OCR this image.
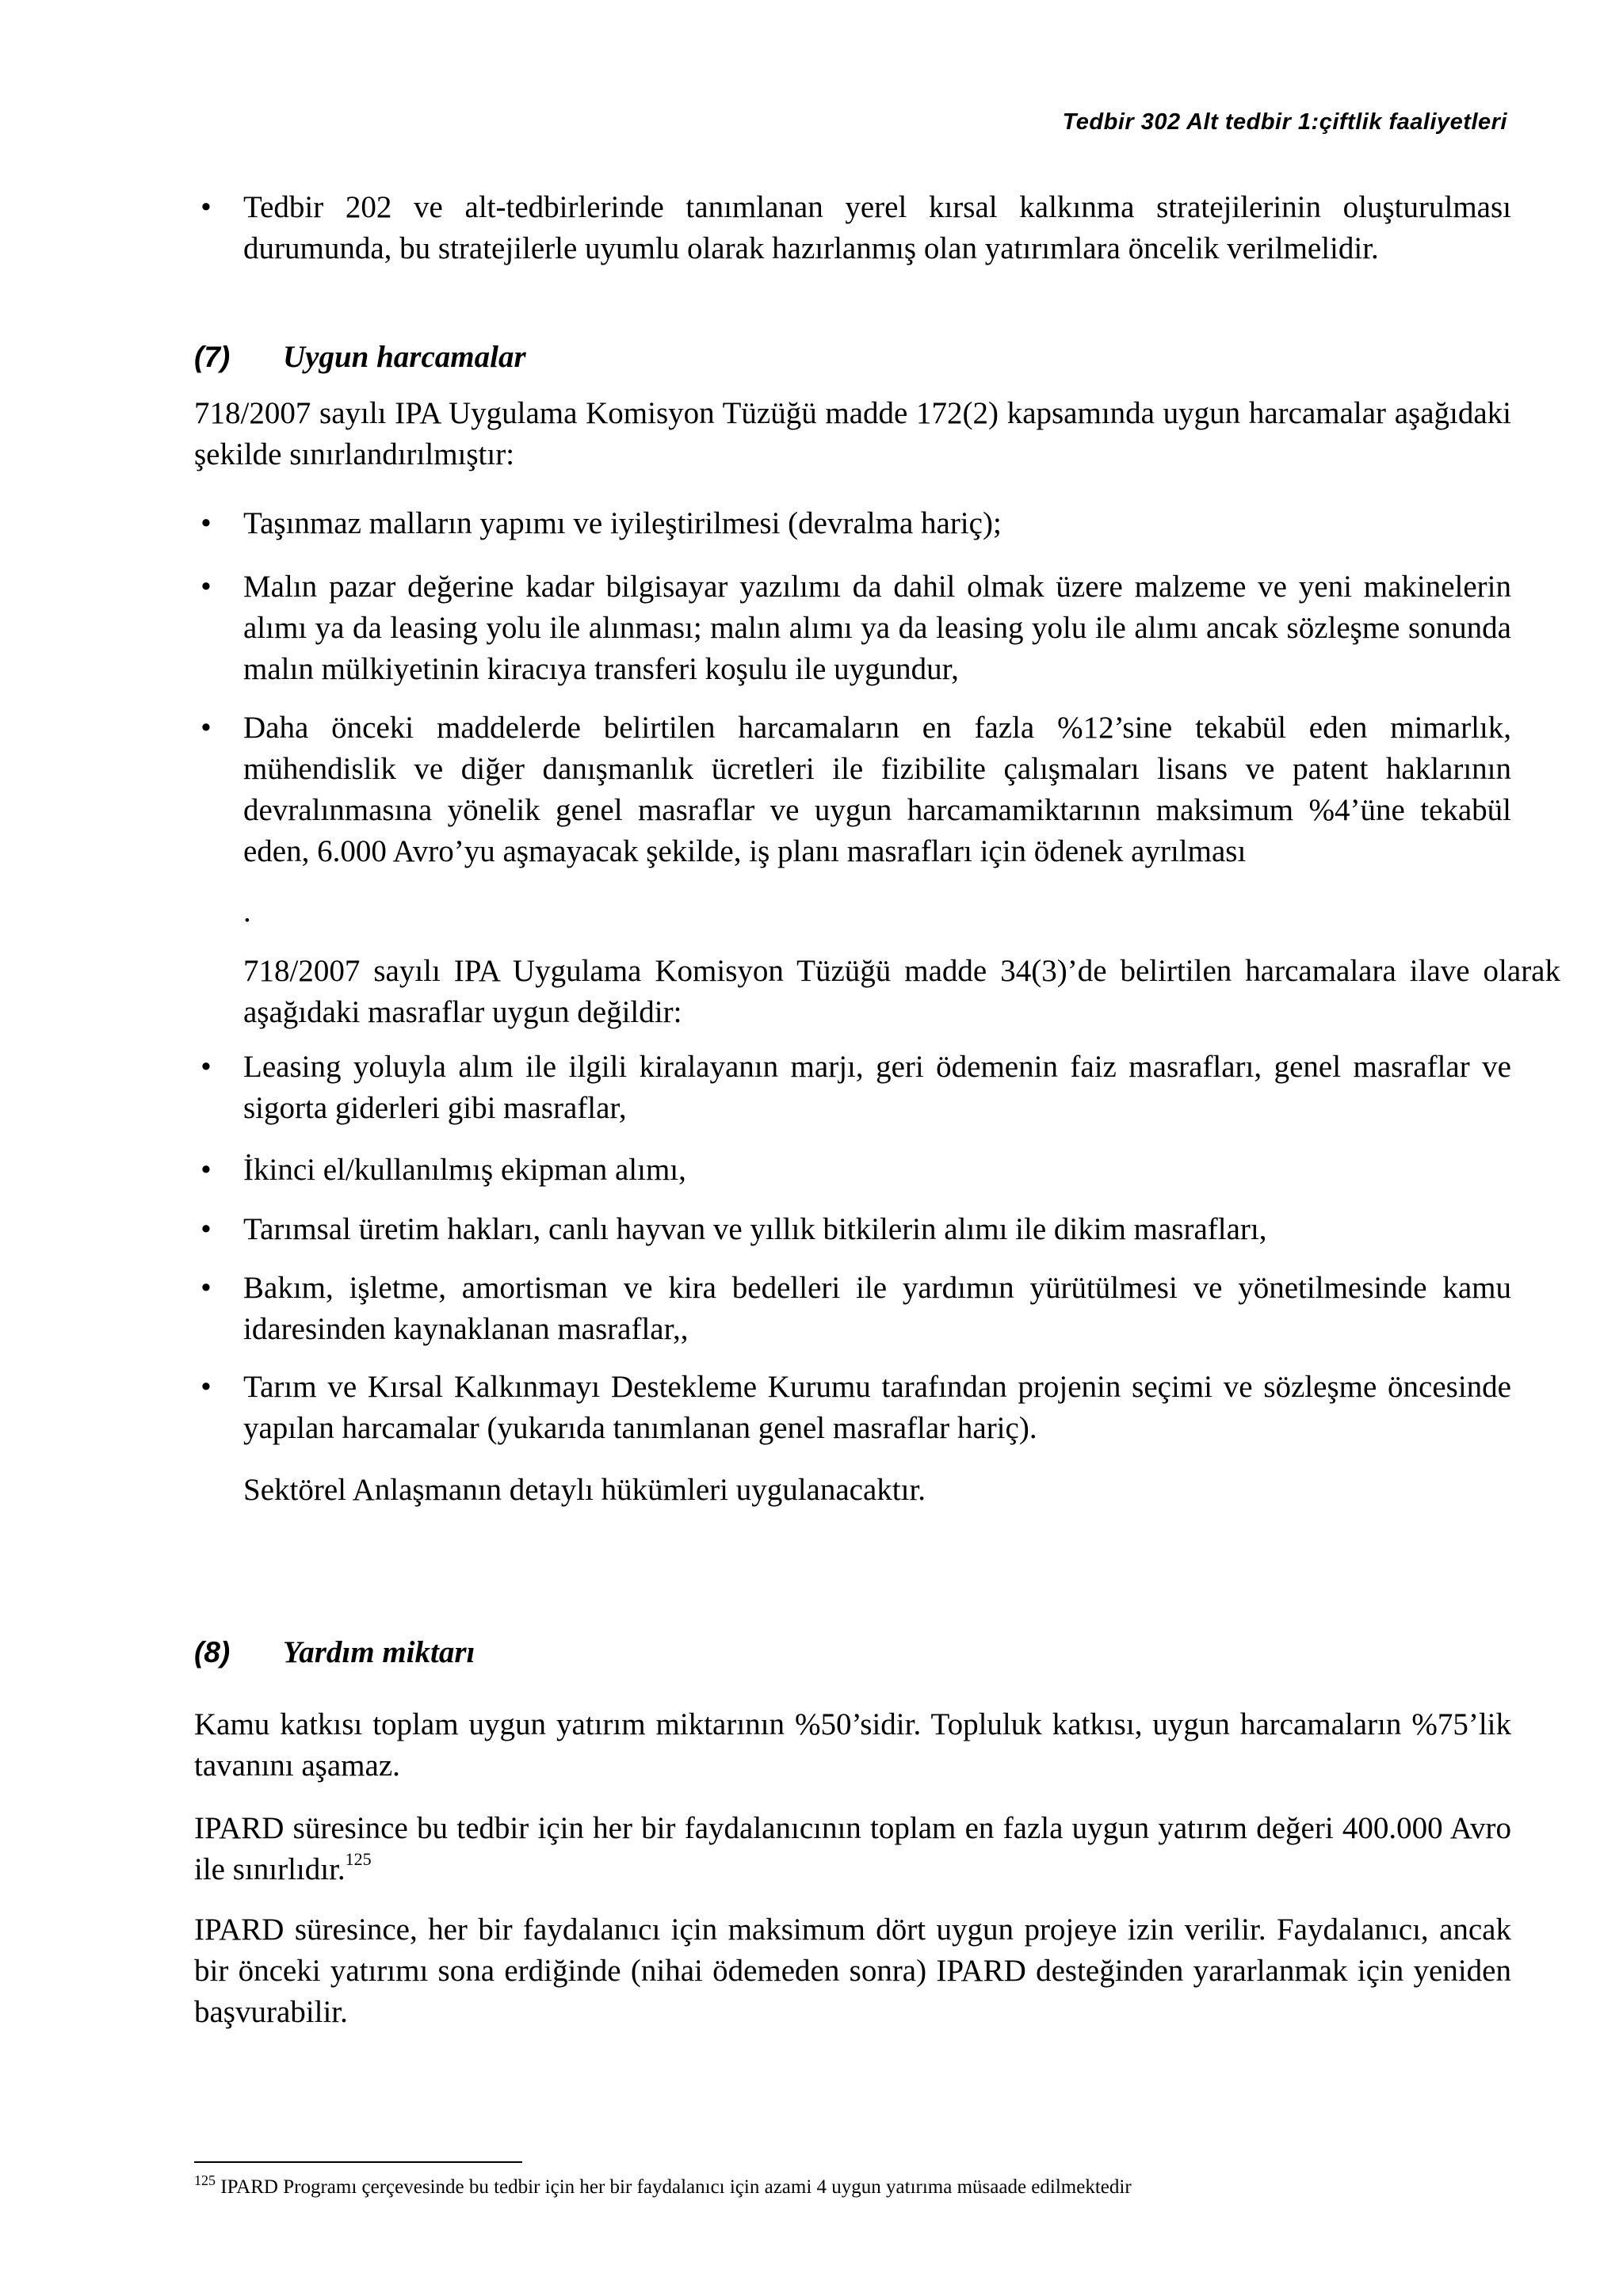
Tedbir 302 Alt tedbir 1:çiftlik faaliyetleri
• Tedbir 202 ve alt-tedbirlerinde tanımlanan yerel kırsal kalkınma stratejilerinin oluşturulması durumunda, bu stratejilerle uyumlu olarak hazırlanmış olan yatırımlara öncelik verilmelidir.
(7)	Uygun harcamalar

718/2007 sayılı IPA Uygulama Komisyon Tüzüğü madde 172(2) kapsamında uygun harcamalar aşağıdaki şekilde sınırlandırılmıştır:

• Taşınmaz malların yapımı ve iyileştirilmesi (devralma hariç);
• Malın pazar değerine kadar bilgisayar yazılımı da dahil olmak üzere malzeme ve yeni makinelerin alımı ya da leasing yolu ile alınması; malın alımı ya da leasing yolu ile alımı ancak sözleşme sonunda malın mülkiyetinin kiracıya transferi koşulu ile uygundur,
• Daha önceki maddelerde belirtilen harcamaların en fazla %12’sine tekabül eden mimarlık, mühendislik ve diğer danışmanlık ücretleri ile fizibilite çalışmaları lisans ve patent haklarının devralınmasına yönelik genel masraflar ve uygun harcamamiktarının maksimum %4’üne tekabül eden, 6.000 Avro’yu aşmayacak şekilde, iş planı masrafları için ödenek ayrılması
.

718/2007 sayılı IPA Uygulama Komisyon Tüzüğü madde 34(3)’de belirtilen harcamalara ilave olarak aşağıdaki masraflar uygun değildir:

• Leasing yoluyla alım ile ilgili kiralayanın marjı, geri ödemenin faiz masrafları, genel masraflar ve sigorta giderleri gibi masraflar,
• İkinci el/kullanılmış ekipman alımı,
• Tarımsal üretim hakları, canlı hayvan ve yıllık bitkilerin alımı ile dikim masrafları,
• Bakım, işletme, amortisman ve kira bedelleri ile yardımın yürütülmesi ve yönetilmesinde kamu idaresinden kaynaklanan masraflar,,
• Tarım ve Kırsal Kalkınmayı Destekleme Kurumu tarafından projenin seçimi ve sözleşme öncesinde yapılan harcamalar (yukarıda tanımlanan genel masraflar hariç).

Sektörel Anlaşmanın detaylı hükümleri uygulanacaktır.

(8)	Yardım miktarı

Kamu katkısı toplam uygun yatırım miktarının %50’sidir. Topluluk katkısı, uygun harcamaların %75’lik tavanını aşamaz.

IPARD süresince bu tedbir için her bir faydalanıcının toplam en fazla uygun yatırım değeri 400.000 Avro ile sınırlıdır.$^{125}$

IPARD süresince, her bir faydalanıcı için maksimum dört uygun projeye izin verilir. Faydalanıcı, ancak bir önceki yatırımı sona erdiğinde (nihai ödemeden sonra) IPARD desteğinden yararlanmak için yeniden başvurabilir.

$^{125}$ IPARD Programı çerçevesinde bu tedbir için her bir faydalanıcı için azami 4 uygun yatırıma müsaade edilmektedir
